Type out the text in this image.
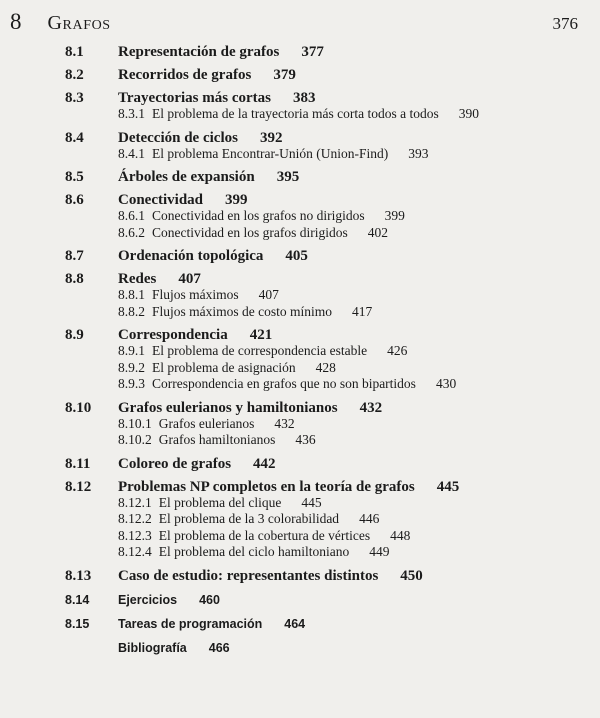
8 Grafos	376
8.1 Representación de grafos 377
8.2 Recorridos de grafos 379
8.3 Trayectorias más cortas 383
8.3.1 El problema de la trayectoria más corta todos a todos 390
8.4 Detección de ciclos 392
8.4.1 El problema Encontrar-Unión (Union-Find) 393
8.5 Árboles de expansión 395
8.6 Conectividad 399
8.6.1 Conectividad en los grafos no dirigidos 399
8.6.2 Conectividad en los grafos dirigidos 402
8.7 Ordenación topológica 405
8.8 Redes 407
8.8.1 Flujos máximos 407
8.8.2 Flujos máximos de costo mínimo 417
8.9 Correspondencia 421
8.9.1 El problema de correspondencia estable 426
8.9.2 El problema de asignación 428
8.9.3 Correspondencia en grafos que no son bipartidos 430
8.10 Grafos eulerianos y hamiltonianos 432
8.10.1 Grafos eulerianos 432
8.10.2 Grafos hamiltonianos 436
8.11 Coloreo de grafos 442
8.12 Problemas NP completos en la teoría de grafos 445
8.12.1 El problema del clique 445
8.12.2 El problema de la 3 colorabilidad 446
8.12.3 El problema de la cobertura de vértices 448
8.12.4 El problema del ciclo hamiltoniano 449
8.13 Caso de estudio: representantes distintos 450
8.14 Ejercicios 460
8.15 Tareas de programación 464
Bibliografía 466
